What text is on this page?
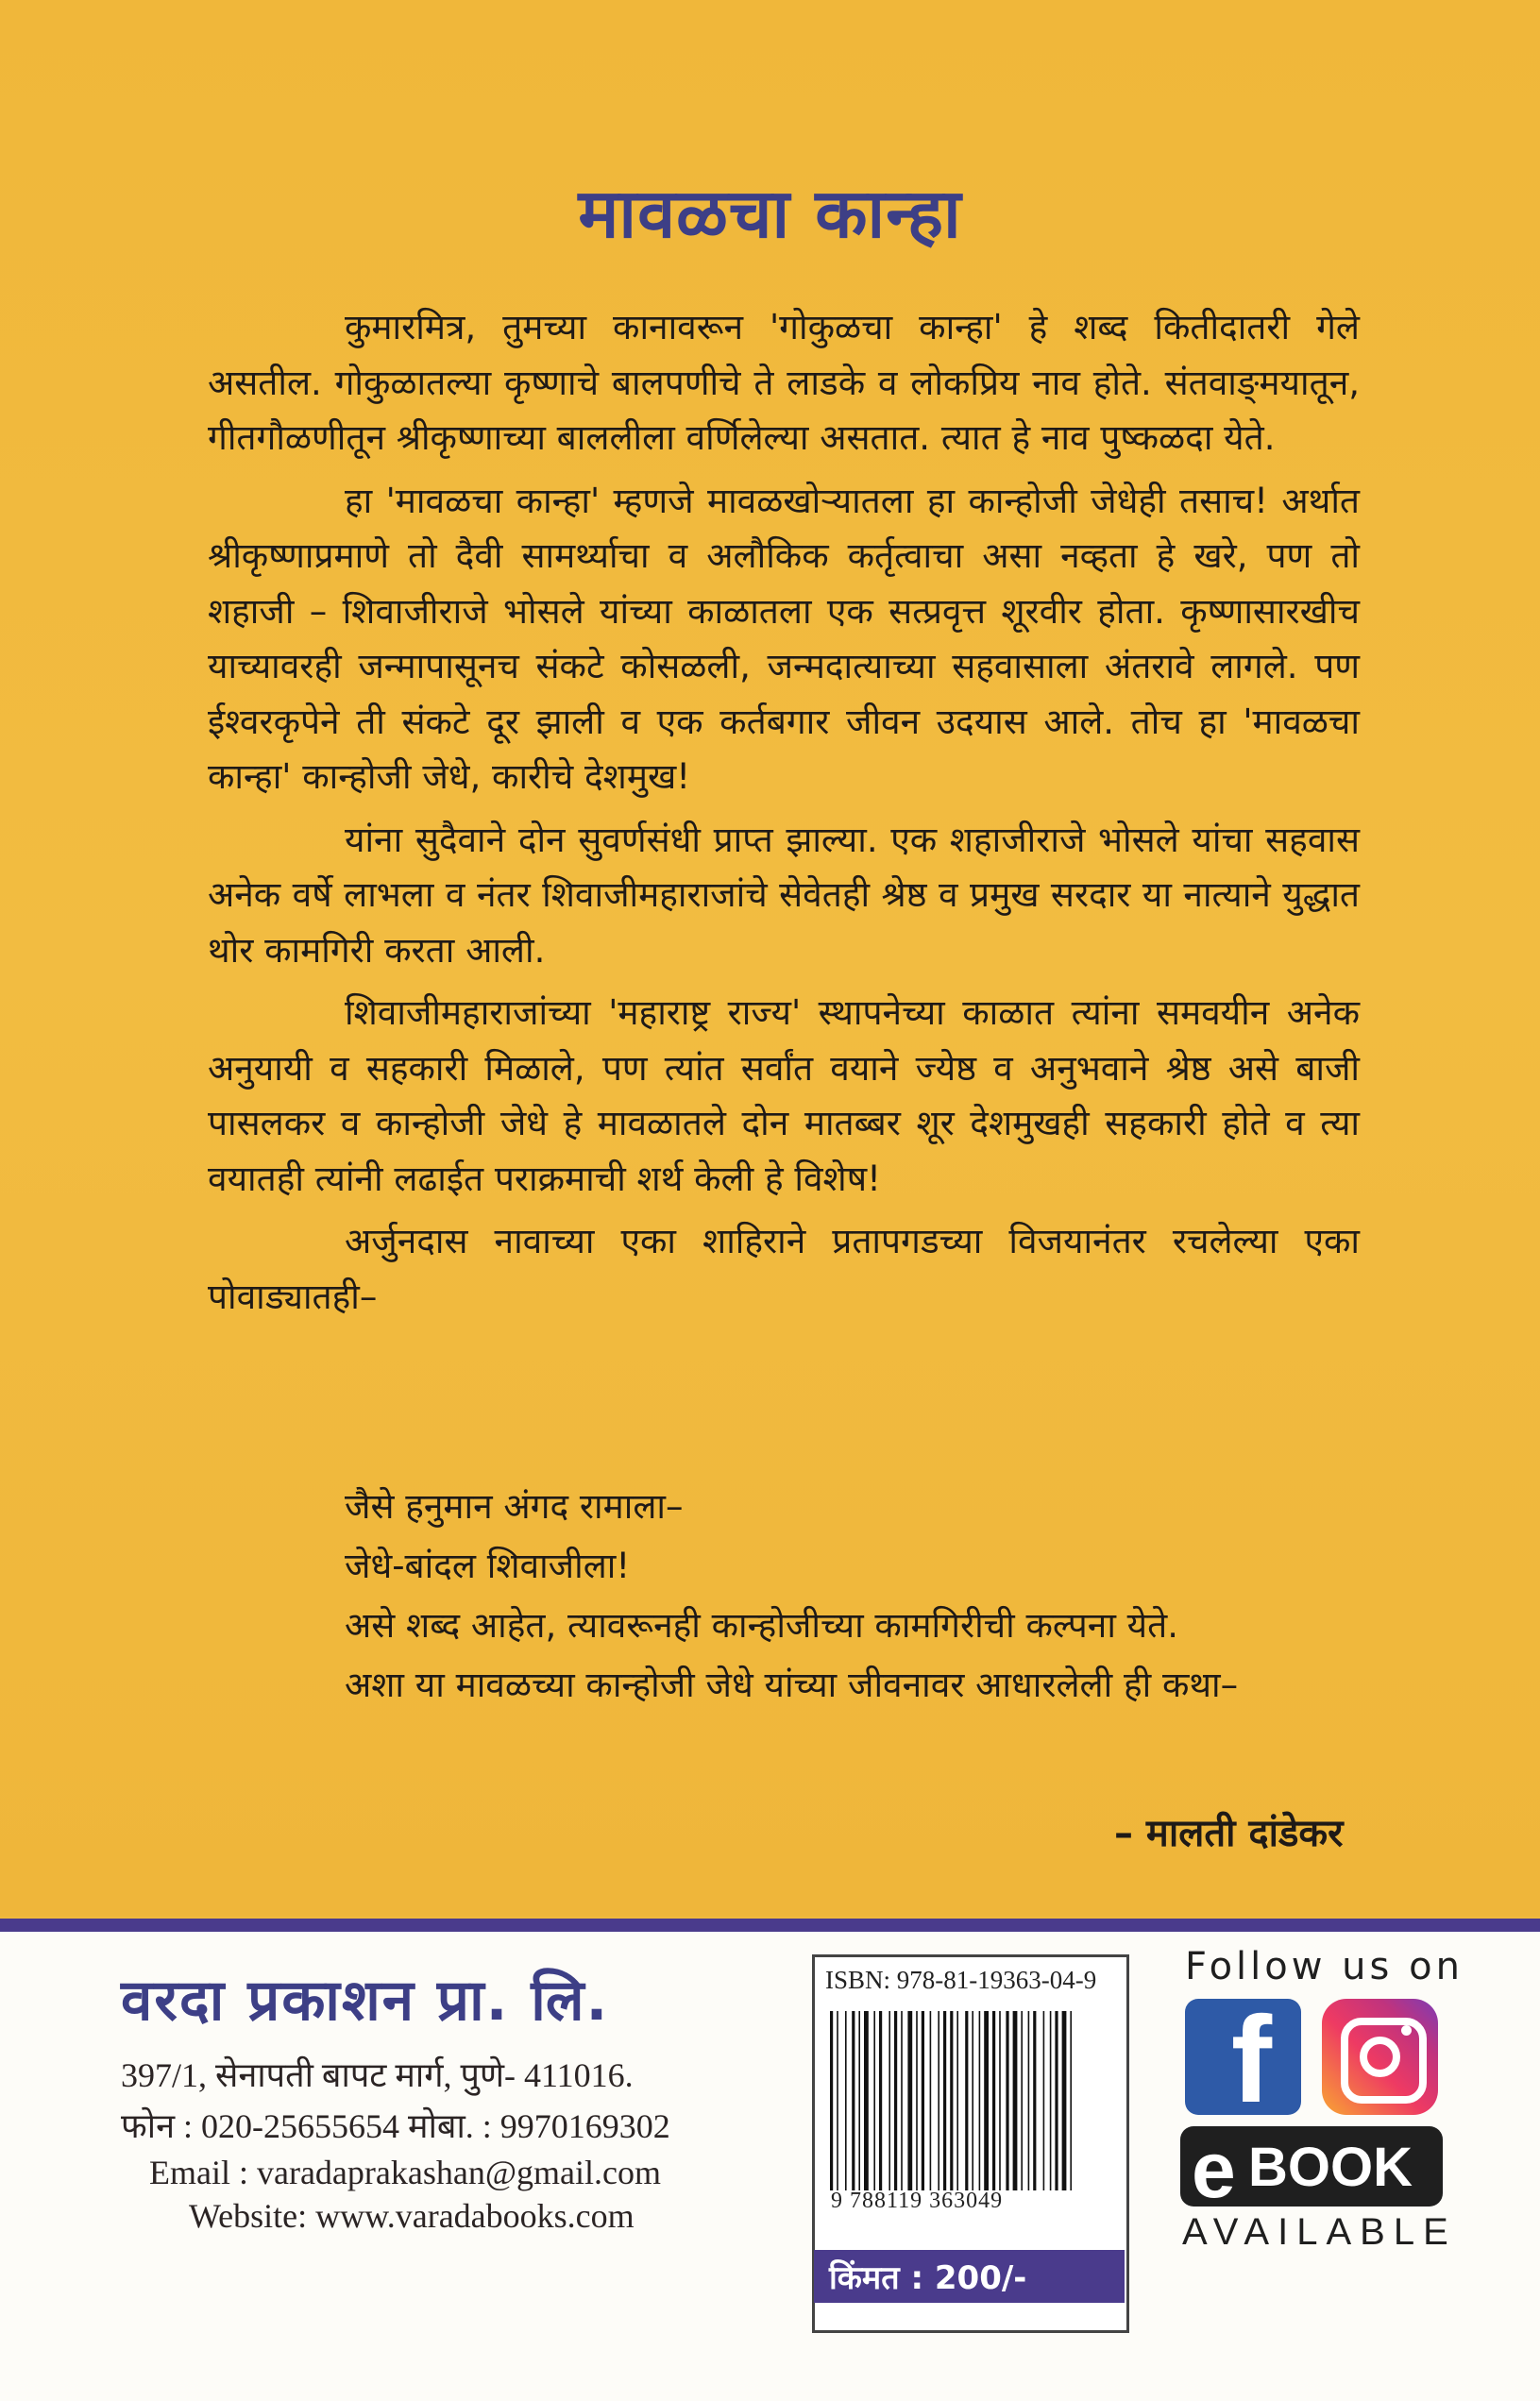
मावळचा कान्हा

कुमारमित्र, तुमच्या कानावरून 'गोकुळचा कान्हा' हे शब्द कितीदातरी गेले असतील. गोकुळातल्या कृष्णाचे बालपणीचे ते लाडके व लोकप्रिय नाव होते. संतवाङ्‌मयातून, गीतगौळणीतून श्रीकृष्णाच्या बाललीला वर्णिलेल्या असतात. त्यात हे नाव पुष्कळदा येते.

हा 'मावळचा कान्हा' म्हणजे मावळखोऱ्यातला हा कान्होजी जेधेही तसाच! अर्थात श्रीकृष्णाप्रमाणे तो दैवी सामर्थ्याचा व अलौकिक कर्तृत्वाचा असा नव्हता हे खरे, पण तो शहाजी – शिवाजीराजे भोसले यांच्या काळातला एक सत्प्रवृत्त शूरवीर होता. कृष्णासारखीच याच्यावरही जन्मापासूनच संकटे कोसळली, जन्मदात्याच्या सहवासाला अंतरावे लागले. पण ईश्वरकृपेने ती संकटे दूर झाली व एक कर्तबगार जीवन उदयास आले. तोच हा 'मावळचा कान्हा' कान्होजी जेधे, कारीचे देशमुख!

यांना सुदैवाने दोन सुवर्णसंधी प्राप्त झाल्या. एक शहाजीराजे भोसले यांचा सहवास अनेक वर्षे लाभला व नंतर शिवाजीमहाराजांचे सेवेतही श्रेष्ठ व प्रमुख सरदार या नात्याने युद्धात थोर कामगिरी करता आली.

शिवाजीमहाराजांच्या 'महाराष्ट्र राज्य' स्थापनेच्या काळात त्यांना समवयीन अनेक अनुयायी व सहकारी मिळाले, पण त्यांत सर्वांत वयाने ज्येष्ठ व अनुभवाने श्रेष्ठ असे बाजी पासलकर व कान्होजी जेधे हे मावळातले दोन मातब्बर शूर देशमुखही सहकारी होते व त्या वयातही त्यांनी लढाईत पराक्रमाची शर्थ केली हे विशेष!

अर्जुनदास नावाच्या एका शाहिराने प्रतापगडच्या विजयानंतर रचलेल्या एका पोवाड्यातही–

जैसे हनुमान अंगद रामाला–
जेधे-बांदल शिवाजीला!
असे शब्द आहेत, त्यावरूनही कान्होजीच्या कामगिरीची कल्पना येते.
अशा या मावळच्या कान्होजी जेधे यांच्या जीवनावर आधारलेली ही कथा–
– मालती दांडेकर
वरदा प्रकाशन प्रा. लि.
397/1, सेनापती बापट मार्ग, पुणे- 411016.
फोन : 020-25655654 मोबा. : 9970169302
Email : varadaprakashan@gmail.com
Website: www.varadabooks.com
ISBN: 978-81-19363-04-9
9 788119 363049
किंमत : 200/-
Follow us on
f
e BOOK
AVAILABLE
